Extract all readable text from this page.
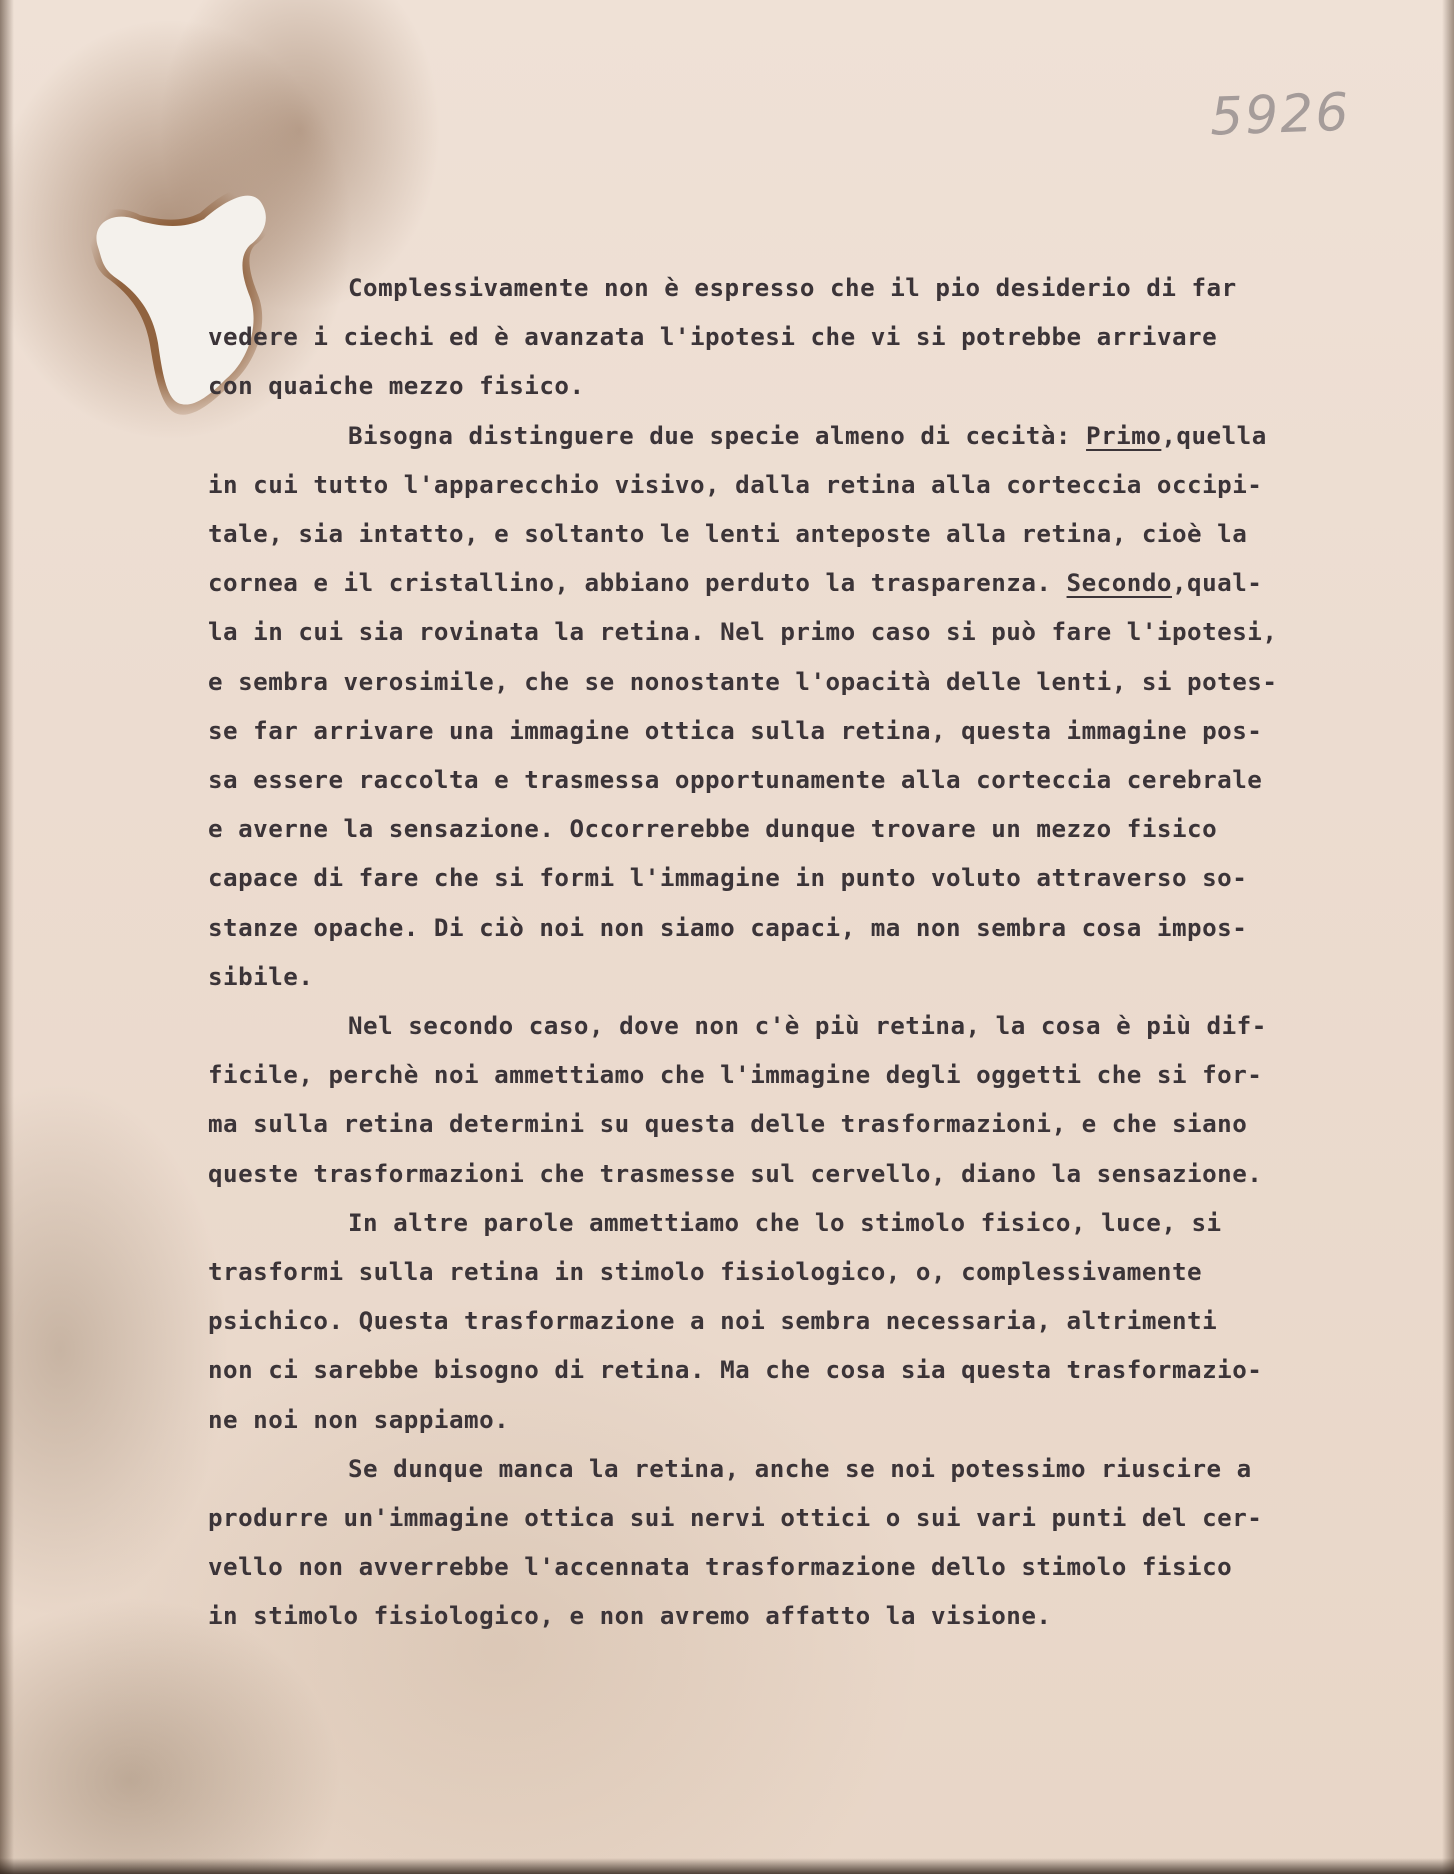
5926

Complessivamente non è espresso che il pio desiderio di far
vedere i ciechi ed è avanzata l'ipotesi che vi si potrebbe arrivare
con quaiche mezzo fisico.

Bisogna distinguere due specie almeno di cecità: Primo,quella
in cui tutto l'apparecchio visivo, dalla retina alla corteccia occipi-
tale, sia intatto, e soltanto le lenti anteposte alla retina, cioè la
cornea e il cristallino, abbiano perduto la trasparenza. Secondo,qual-
la in cui sia rovinata la retina. Nel primo caso si può fare l'ipotesi,
e sembra verosimile, che se nonostante l'opacità delle lenti, si potes-
se far arrivare una immagine ottica sulla retina, questa immagine pos-
sa essere raccolta e trasmessa opportunamente alla corteccia cerebrale
e averne la sensazione. Occorrerebbe dunque trovare un mezzo fisico
capace di fare che si formi l'immagine in punto voluto attraverso so-
stanze opache. Di ciò noi non siamo capaci, ma non sembra cosa impos-
sibile.

Nel secondo caso, dove non c'è più retina, la cosa è più dif-
ficile, perchè noi ammettiamo che l'immagine degli oggetti che si for-
ma sulla retina determini su questa delle trasformazioni, e che siano
queste trasformazioni che trasmesse sul cervello, diano la sensazione.

In altre parole ammettiamo che lo stimolo fisico, luce, si
trasformi sulla retina in stimolo fisiologico, o, complessivamente
psichico. Questa trasformazione a noi sembra necessaria, altrimenti
non ci sarebbe bisogno di retina. Ma che cosa sia questa trasformazio-
ne noi non sappiamo.

Se dunque manca la retina, anche se noi potessimo riuscire a
produrre un'immagine ottica sui nervi ottici o sui vari punti del cer-
vello non avverrebbe l'accennata trasformazione dello stimolo fisico
in stimolo fisiologico, e non avremo affatto la visione.
